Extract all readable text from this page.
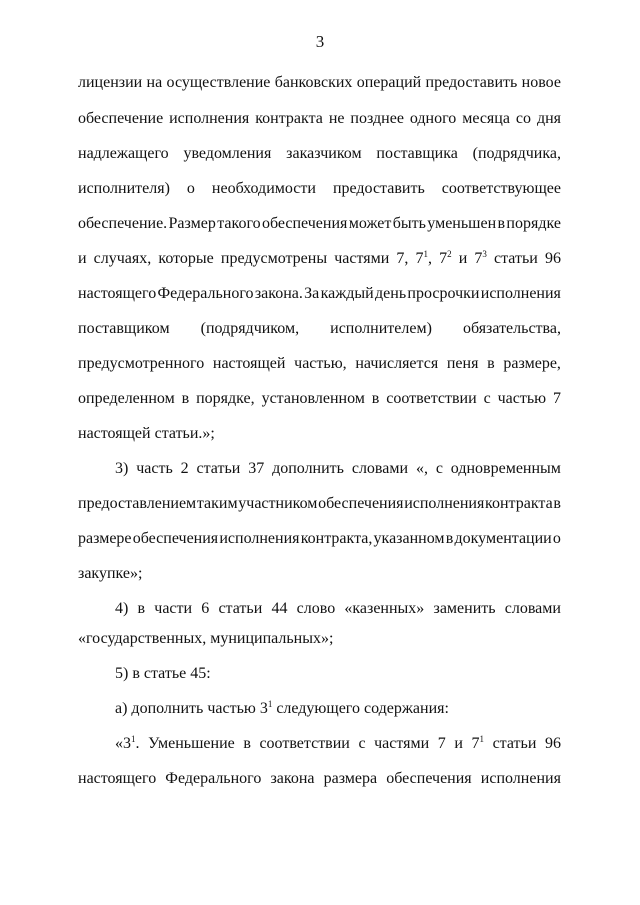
3
лицензии на осуществление банковских операций предоставить новое
обеспечение исполнения контракта не позднее одного месяца со дня
надлежащего уведомления заказчиком поставщика (подрядчика,
исполнителя) о необходимости предоставить соответствующее
обеспечение. Размер такого обеспечения может быть уменьшен в порядке
и случаях, которые предусмотрены частями 7, $7^1$, $7^2$ и $7^3$ статьи 96
настоящего Федерального закона. За каждый день просрочки исполнения
поставщиком (подрядчиком, исполнителем) обязательства,
предусмотренного настоящей частью, начисляется пеня в размере,
определенном в порядке, установленном в соответствии с частью 7
настоящей статьи.»;
3) часть 2 статьи 37 дополнить словами «, с одновременным
предоставлением таким участником обеспечения исполнения контракта в
размере обеспечения исполнения контракта, указанном в документации о
закупке»;
4) в части 6 статьи 44 слово «казенных» заменить словами
«государственных, муниципальных»;
5) в статье 45:
а) дополнить частью $3^1$ следующего содержания:
«$3^1$. Уменьшение в соответствии с частями 7 и $7^1$ статьи 96
настоящего Федерального закона размера обеспечения исполнения
